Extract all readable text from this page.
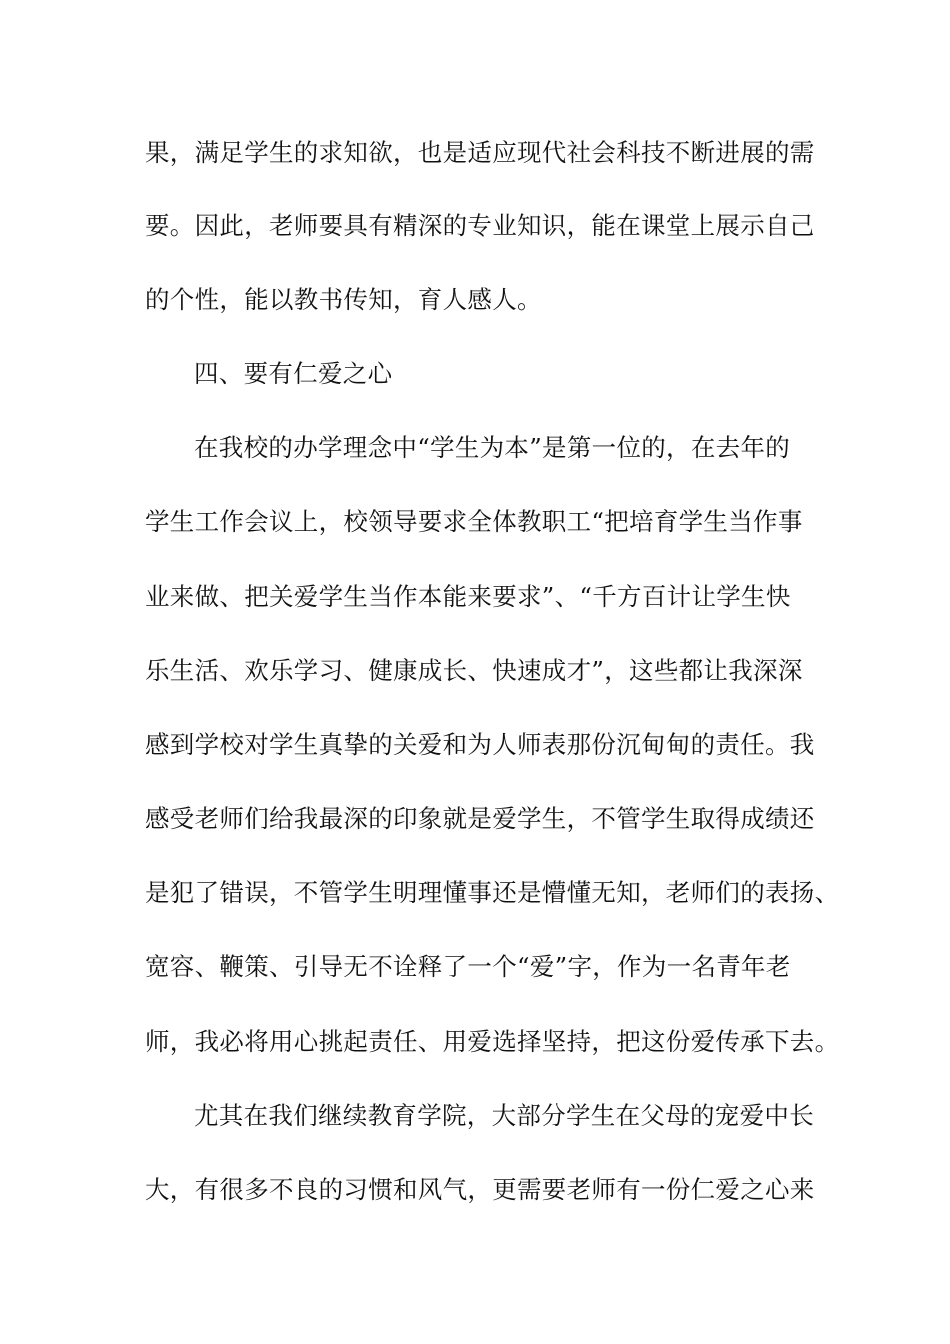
果，满足学生的求知欲，也是适应现代社会科技不断进展的需
要。因此，老师要具有精深的专业知识，能在课堂上展示自己
的个性，能以教书传知，育人感人。
四、要有仁爱之心
在我校的办学理念中“学生为本”是第一位的，在去年的
学生工作会议上，校领导要求全体教职工“把培育学生当作事
业来做、把关爱学生当作本能来要求”、“千方百计让学生快
乐生活、欢乐学习、健康成长、快速成才”，这些都让我深深
感到学校对学生真挚的关爱和为人师表那份沉甸甸的责任。我
感受老师们给我最深的印象就是爱学生，不管学生取得成绩还
是犯了错误，不管学生明理懂事还是懵懂无知，老师们的表扬、
宽容、鞭策、引导无不诠释了一个“爱”字，作为一名青年老
师，我必将用心挑起责任、用爱选择坚持，把这份爱传承下去。
尤其在我们继续教育学院，大部分学生在父母的宠爱中长
大，有很多不良的习惯和风气，更需要老师有一份仁爱之心来
